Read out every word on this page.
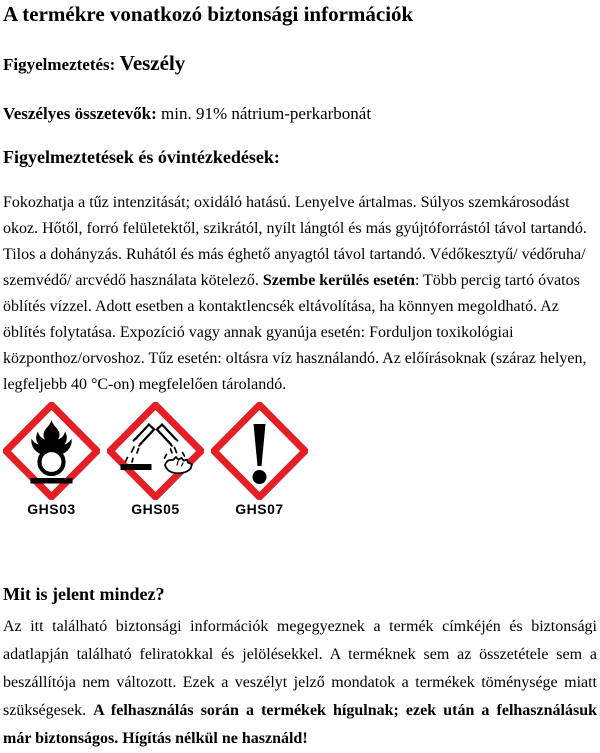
A termékre vonatkozó biztonsági információk
Figyelmeztetés: Veszély
Veszélyes összetevők: min. 91% nátrium-perkarbonát
Figyelmeztetések és óvintézkedések:

Fokozhatja a tűz intenzitását; oxidáló hatású. Lenyelve ártalmas. Súlyos szemkárosodást okoz. Hőtől, forró felületektől, szikrától, nyílt lángtól és más gyújtóforrástól távol tartandó. Tilos a dohányzás. Ruhától és más éghető anyagtól távol tartandó. Védőkesztyű/ védőruha/ szemvédő/ arcvédő használata kötelező. Szembe kerülés esetén: Több percig tartó óvatos öblítés vízzel. Adott esetben a kontaktlencsék eltávolítása, ha könnyen megoldható. Az öblítés folytatása. Expozíció vagy annak gyanúja esetén: Forduljon toxikológiai központhoz/orvoshoz. Tűz esetén: oltásra víz használandó. Az előírásoknak (száraz helyen, legfeljebb 40 °C-on) megfelelően tárolandó.

GHS03	GHS05	GHS07
Mit is jelent mindez?

Az itt található biztonsági információk megegyeznek a termék címkéjén és biztonsági adatlapján található feliratokkal és jelölésekkel. A terméknek sem az összetétele sem a beszállítója nem változott. Ezek a veszélyt jelző mondatok a termékek töménysége miatt szükségesek. A felhasználás során a termékek hígulnak; ezek után a felhasználásuk már biztonságos. Hígítás nélkül ne használd!
